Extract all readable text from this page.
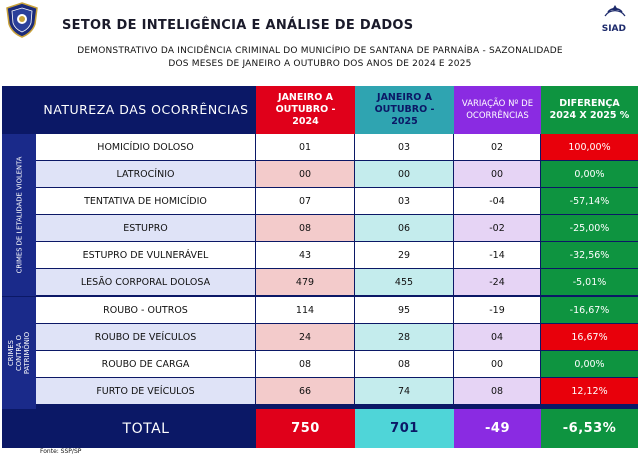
SETOR DE INTELIGÊNCIA E ANÁLISE DE DADOS	SIAD
DEMONSTRATIVO DA INCIDÊNCIA CRIMINAL DO MUNICÍPIO DE SANTANA DE PARNAÍBA - SAZONALIDADE
DOS MESES DE JANEIRO A OUTUBRO DOS ANOS DE 2024 E 2025
NATUREZA DAS OCORRÊNCIAS
JANEIRO A OUTUBRO - 2024
JANEIRO A OUTUBRO - 2025
VARIAÇÃO Nº DE OCORRÊNCIAS
DIFERENÇA 2024 X 2025 %
HOMICÍDIO DOLOSO	01	03	02	100,00%
LATROCÍNIO	00	00	00	0,00%
TENTATIVA DE HOMICÍDIO	07	03	-04	-57,14%
ESTUPRO	08	06	-02	-25,00%
ESTUPRO DE VULNERÁVEL	43	29	-14	-32,56%
LESÃO CORPORAL DOLOSA	479	455	-24	-5,01%
ROUBO - OUTROS	114	95	-19	-16,67%
ROUBO DE VEÍCULOS	24	28	04	16,67%
ROUBO DE CARGA	08	08	00	0,00%
FURTO DE VEÍCULOS	66	74	08	12,12%
CRIMES DE LETALIDADE VIOLENTA
CRIMES CONTRA O PATRIMÔNIO
TOTAL	750	701	-49	-6,53%
Fonte: SSP/SP
